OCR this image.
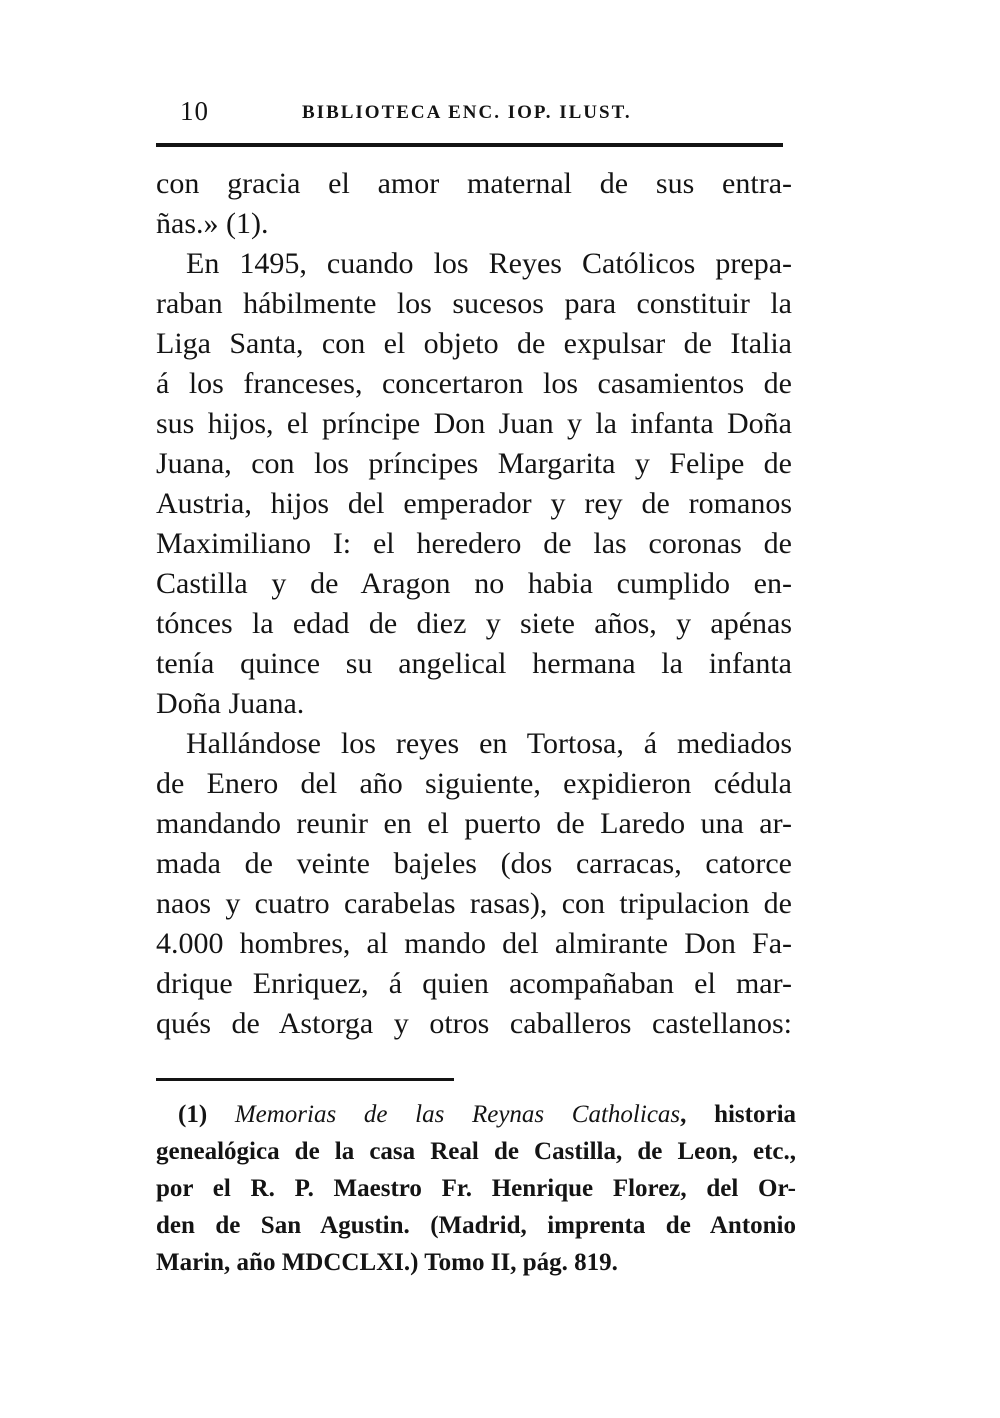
10	BIBLIOTECA ENC. IOP. ILUST.
con gracia el amor maternal de sus entra-
ñas.» (1).
En 1495, cuando los Reyes Católicos prepa-
raban hábilmente los sucesos para constituir la
Liga Santa, con el objeto de expulsar de Italia
á los franceses, concertaron los casamientos de
sus hijos, el príncipe Don Juan y la infanta Doña
Juana, con los príncipes Margarita y Felipe de
Austria, hijos del emperador y rey de romanos
Maximiliano I: el heredero de las coronas de
Castilla y de Aragon no habia cumplido en-
tónces la edad de diez y siete años, y apénas
tenía quince su angelical hermana la infanta
Doña Juana.
Hallándose los reyes en Tortosa, á mediados
de Enero del año siguiente, expidieron cédula
mandando reunir en el puerto de Laredo una ar-
mada de veinte bajeles (dos carracas, catorce
naos y cuatro carabelas rasas), con tripulacion de
4.000 hombres, al mando del almirante Don Fa-
drique Enriquez, á quien acompañaban el mar-
qués de Astorga y otros caballeros castellanos:
(1) Memorias de las Reynas Catholicas, historia
genealógica de la casa Real de Castilla, de Leon, etc.,
por el R. P. Maestro Fr. Henrique Florez, del Or-
den de San Agustin. (Madrid, imprenta de Antonio
Marin, año MDCCLXI.) Tomo II, pág. 819.
